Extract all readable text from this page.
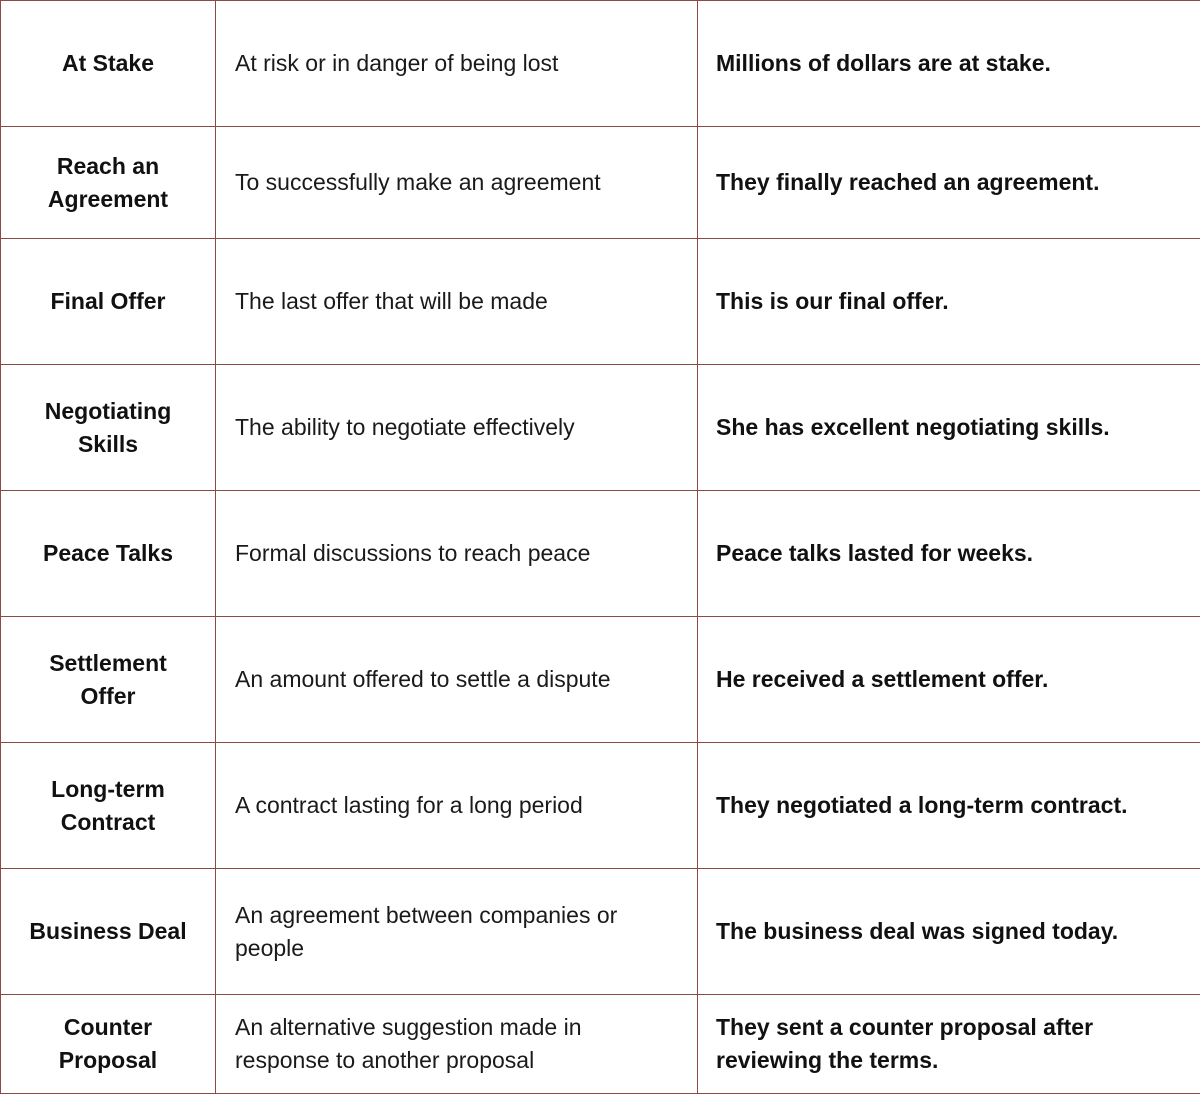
At Stake	At risk or in danger of being lost	Millions of dollars are at stake.

Reach an Agreement	To successfully make an agreement	They finally reached an agreement.

Final Offer	The last offer that will be made	This is our final offer.

Negotiating Skills	The ability to negotiate effectively	She has excellent negotiating skills.

Peace Talks	Formal discussions to reach peace	Peace talks lasted for weeks.

Settlement Offer	An amount offered to settle a dispute	He received a settlement offer.

Long-term Contract	A contract lasting for a long period	They negotiated a long-term contract.

Business Deal	An agreement between companies or people	The business deal was signed today.

Counter Proposal	An alternative suggestion made in response to another proposal	They sent a counter proposal after reviewing the terms.
